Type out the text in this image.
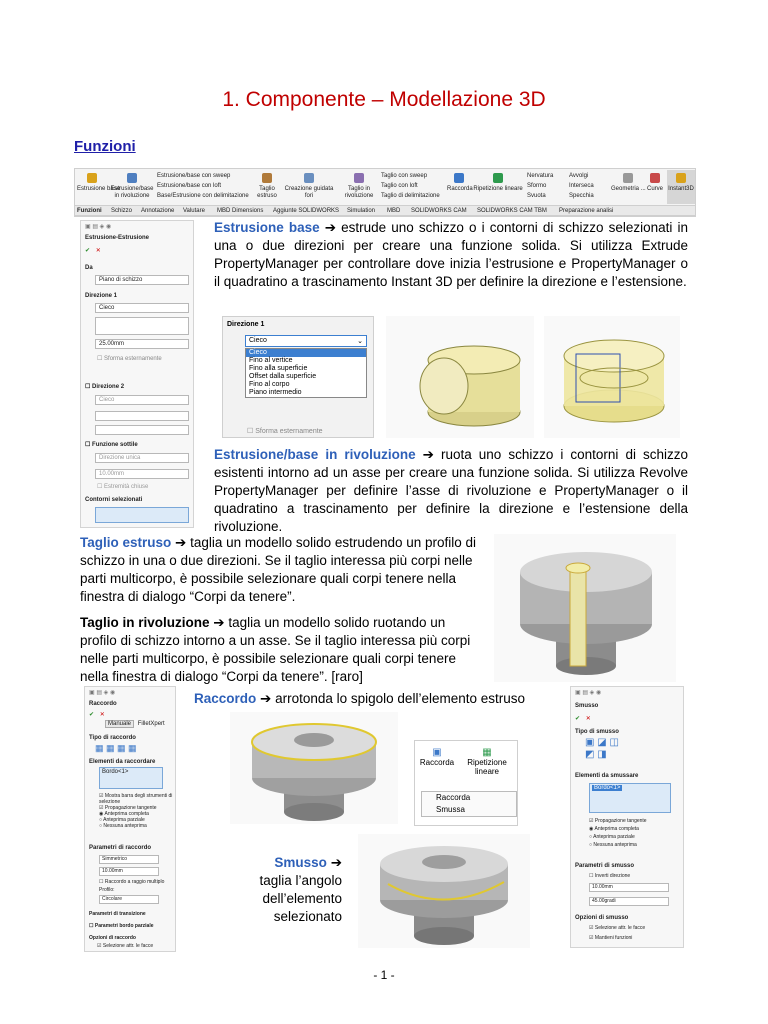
1. Componente – Modellazione 3D
Funzioni

Estrusione base

Estrusione/base in rivoluzione
Estrusione/base con sweep
Estrusione/base con loft
Base/Estrusione con delimitazione

Taglio estruso

Creazione guidata fori

Taglio in rivoluzione
Taglio con sweep
Taglio con loft
Taglio di delimitazione

Raccorda Ripetizione lineare
Nervatura
Sformo
Svuota
Avvolgi
Interseca
Specchia

Geometria ... Curve Instant3D
Funzioni Schizzo Annotazione Valutare MBD Dimensions Aggiunte SOLIDWORKS Simulation MBD SOLIDWORKS CAM SOLIDWORKS CAM TBM Preparazione analisi
▣ ▤ ◈ ◉
Estrusione-Estrusione
✔ ✕
Da
Piano di schizzo
Direzione 1
Cieco
25.00mm
☐ Sforma esternamente
☐ Direzione 2
Cieco
☐ Funzione sottile
Direzione unica
10.00mm
☐ Estremità chiuse
Contorni selezionati
Estrusione base ➔ estrude uno schizzo o i contorni di schizzo selezionati in una o due direzioni per creare una funzione solida. Si utilizza Extrude PropertyManager per controllare dove inizia l’estrusione e PropertyManager o il quadratino a trascinamento Instant 3D per definire la direzione e l’estensione.
Direzione 1
Cieco	⌄
Cieco
Fino al vertice
Fino alla superficie
Offset dalla superficie
Fino al corpo
Piano intermedio
☐ Sforma esternamente
Estrusione/base in rivoluzione ➔ ruota uno schizzo i contorni di schizzo esistenti intorno ad un asse per creare una funzione solida. Si utilizza Revolve PropertyManager per definire l’asse di rivoluzione e PropertyManager o il quadratino a trascinamento per definire la direzione e l’estensione della rivoluzione.
Taglio estruso ➔ taglia un modello solido estrudendo un profilo di schizzo in una o due direzioni. Se il taglio interessa più corpi nelle parti multicorpo, è possibile selezionare quali corpi tenere nella finestra di dialogo “Corpi da tenere”.
Taglio in rivoluzione ➔ taglia un modello solido ruotando un profilo di schizzo intorno a un asse. Se il taglio interessa più corpi nelle parti multicorpo, è possibile selezionare quali corpi tenere nella finestra di dialogo “Corpi da tenere”. [raro]
▣ ▤ ◈ ◉
Raccordo
✔ ✕
Manuale FilletXpert
Tipo di raccordo
▦ ▦ ▦ ▦
Elementi da raccordare
Bordo<1>
☑ Mostra barra degli strumenti di selezione
☑ Propagazione tangente
◉ Anteprima completa
○ Anteprima parziale
○ Nessuna anteprima
Parametri di raccordo
Simmetrico
10.00mm
☐ Raccordo a raggio multiplo
Profilo:
Circolare
Parametri di transizione
☐ Parametri bordo parziale
Opzioni di raccordo
☑ Selezione attr. le facce
Raccordo ➔ arrotonda lo spigolo dell’elemento estruso
▣
Raccorda
▦
Ripetizione lineare
Raccorda
Smussa
Smusso ➔
taglia l’angolo dell’elemento selezionato
▣ ▤ ◈ ◉
Smusso
✔ ✕
Tipo di smusso
▣ ◪ ◫
◩ ◨
Elementi da smussare
Bordo<1>
☑ Propagazione tangente
◉ Anteprima completa
○ Anteprima parziale
○ Nessuna anteprima
Parametri di smusso
☐ Inverti direzione
10.00mm
45.00gradi
Opzioni di smusso
☑ Selezione attr. le facce
☑ Mantieni funzioni
- 1 -
